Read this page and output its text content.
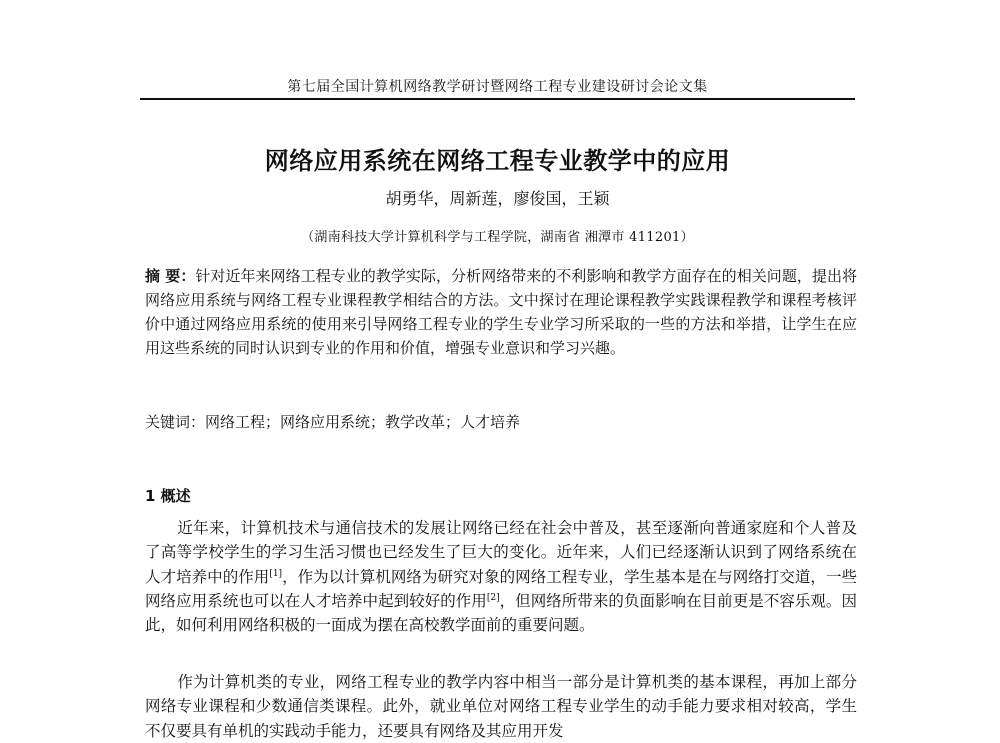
第七届全国计算机网络教学研讨暨网络工程专业建设研讨会论文集
网络应用系统在网络工程专业教学中的应用
胡勇华，周新莲，廖俊国，王颖
（湖南科技大学计算机科学与工程学院，湖南省 湘潭市 411201）
摘 要：针对近年来网络工程专业的教学实际，分析网络带来的不利影响和教学方面存在的相关问题，提出将网络应用系统与网络工程专业课程教学相结合的方法。文中探讨在理论课程教学实践课程教学和课程考核评价中通过网络应用系统的使用来引导网络工程专业的学生专业学习所采取的一些的方法和举措，让学生在应用这些系统的同时认识到专业的作用和价值，增强专业意识和学习兴趣。
关键词：网络工程；网络应用系统；教学改革；人才培养
1 概述
近年来，计算机技术与通信技术的发展让网络已经在社会中普及，甚至逐渐向普通家庭和个人普及了高等学校学生的学习生活习惯也已经发生了巨大的变化。近年来，人们已经逐渐认识到了网络系统在人才培养中的作用[1]，作为以计算机网络为研究对象的网络工程专业，学生基本是在与网络打交道，一些网络应用系统也可以在人才培养中起到较好的作用[2]，但网络所带来的负面影响在目前更是不容乐观。因此，如何利用网络积极的一面成为摆在高校教学面前的重要问题。
作为计算机类的专业，网络工程专业的教学内容中相当一部分是计算机类的基本课程，再加上部分网络专业课程和少数通信类课程。此外，就业单位对网络工程专业学生的动手能力要求相对较高，学生不仅要具有单机的实践动手能力，还要具有网络及其应用开发
